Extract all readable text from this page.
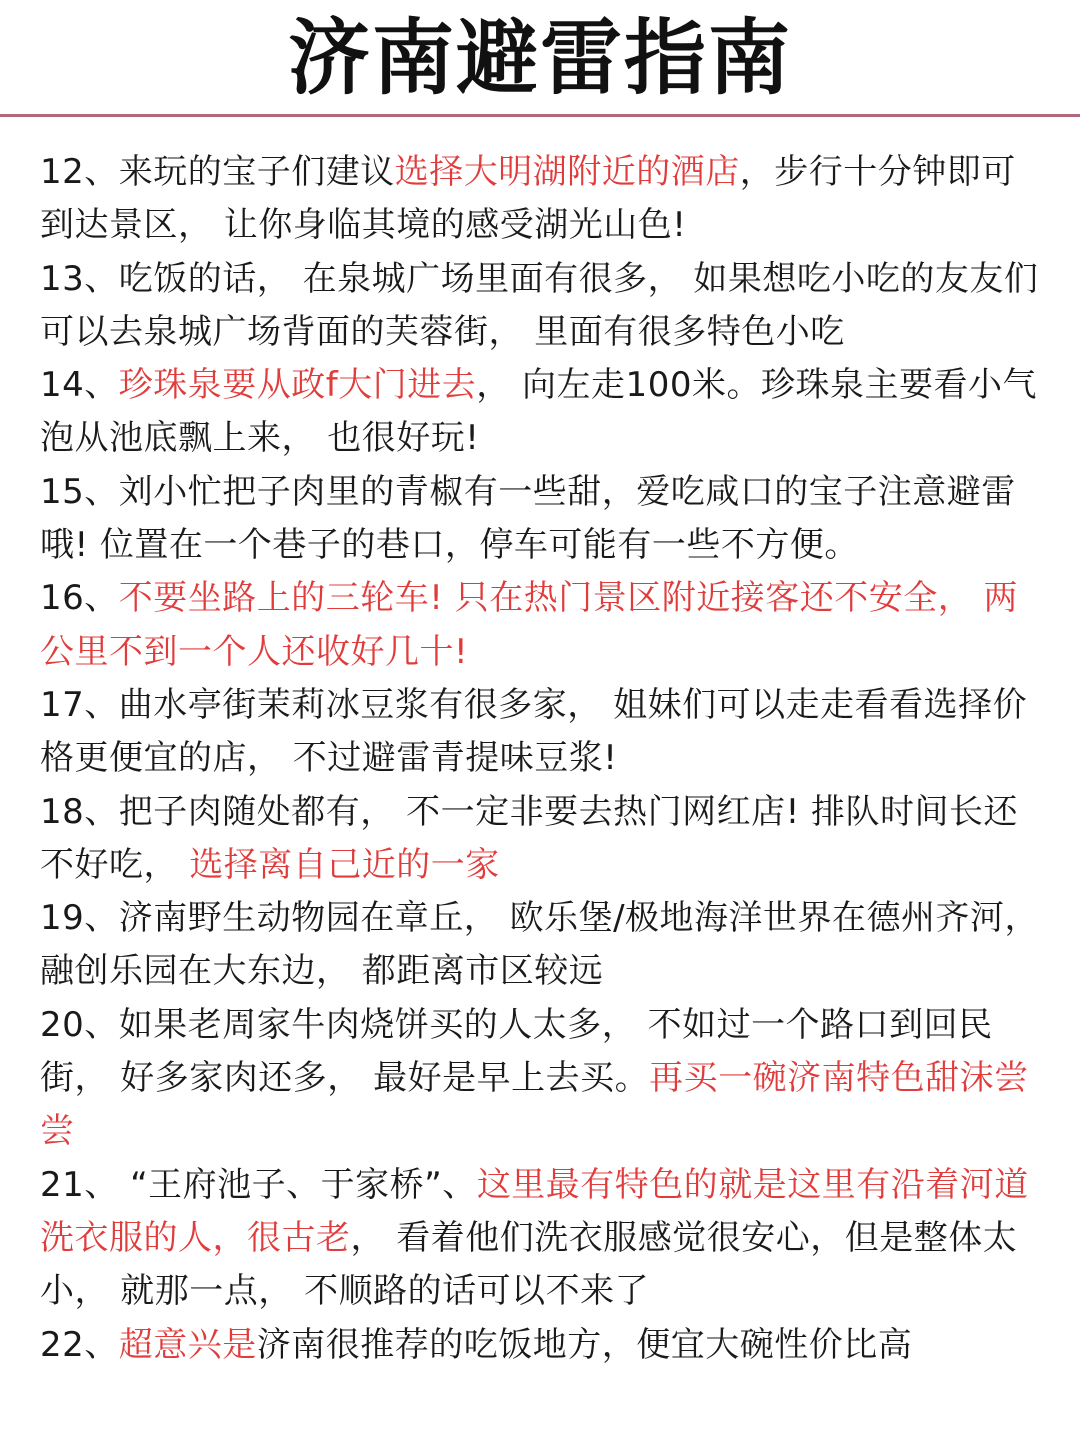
济南避雷指南

12、来玩的宝子们建议选择大明湖附近的酒店，步行十分钟即可到达景区， 让你身临其境的感受湖光山色!

13、吃饭的话， 在泉城广场里面有很多， 如果想吃小吃的友友们可以去泉城广场背面的芙蓉街， 里面有很多特色小吃

14、珍珠泉要从政f大门进去， 向左走100米。珍珠泉主要看小气泡从池底飘上来， 也很好玩!

15、刘小忙把子肉里的青椒有一些甜，爱吃咸口的宝子注意避雷哦! 位置在一个巷子的巷口，停车可能有一些不方便。

16、不要坐路上的三轮车! 只在热门景区附近接客还不安全， 两公里不到一个人还收好几十!

17、曲水亭街茉莉冰豆浆有很多家， 姐妹们可以走走看看选择价格更便宜的店， 不过避雷青提味豆浆!

18、把子肉随处都有， 不一定非要去热门网红店! 排队时间长还不好吃， 选择离自己近的一家

19、济南野生动物园在章丘， 欧乐堡/极地海洋世界在德州齐河，融创乐园在大东边， 都距离市区较远

20、如果老周家牛肉烧饼买的人太多， 不如过一个路口到回民街， 好多家肉还多， 最好是早上去买。再买一碗济南特色甜沫尝尝

21、 “王府池子、于家桥”、这里最有特色的就是这里有沿着河道洗衣服的人，很古老， 看着他们洗衣服感觉很安心，但是整体太小， 就那一点， 不顺路的话可以不来了

22、超意兴是济南很推荐的吃饭地方，便宜大碗性价比高
